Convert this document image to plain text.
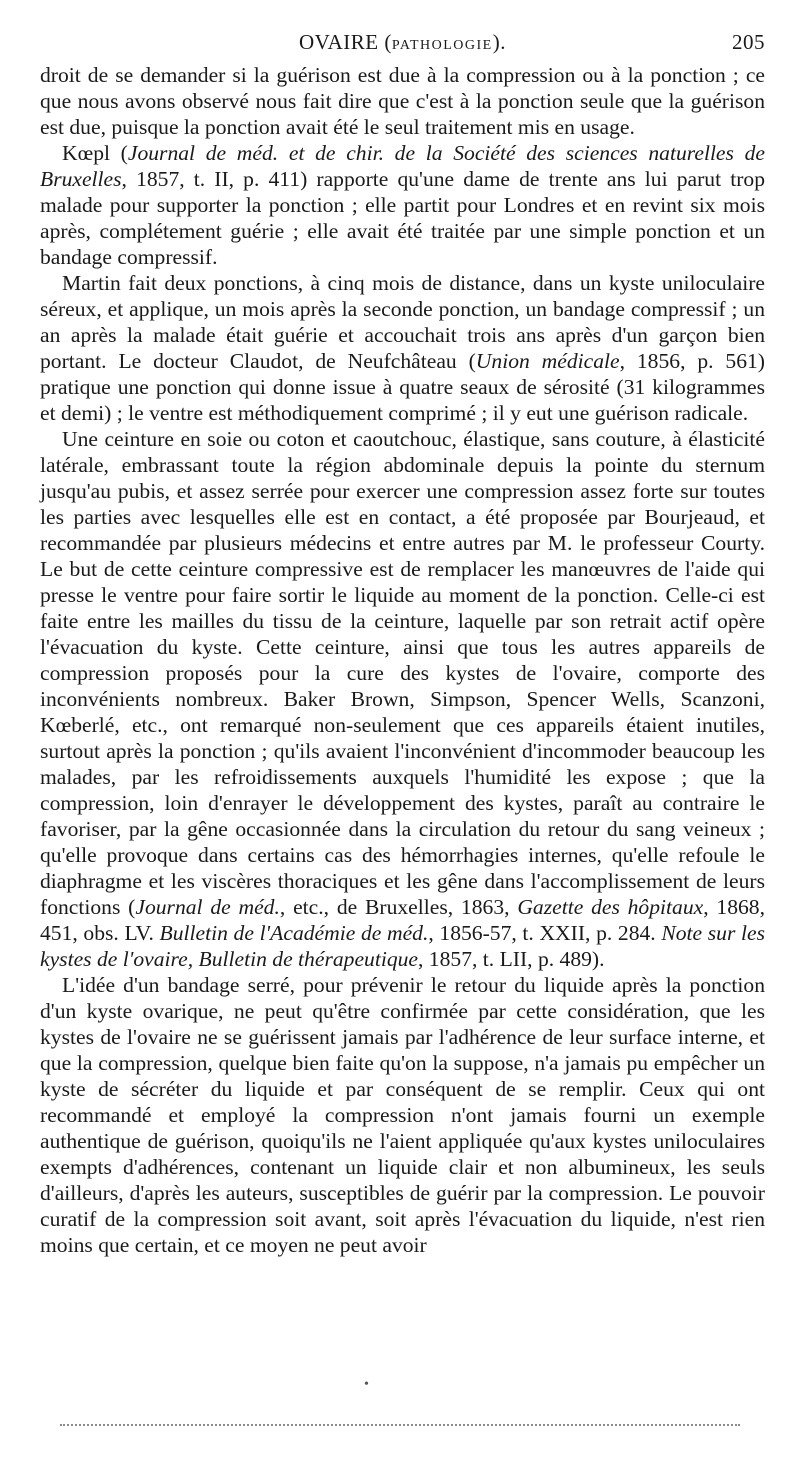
OVAIRE (PATHOLOGIE).	205

droit de se demander si la guérison est due à la compression ou à la ponction ; ce que nous avons observé nous fait dire que c'est à la ponction seule que la guérison est due, puisque la ponction avait été le seul traitement mis en usage.

Kœpl (Journal de méd. et de chir. de la Société des sciences naturelles de Bruxelles, 1857, t. II, p. 411) rapporte qu'une dame de trente ans lui parut trop malade pour supporter la ponction ; elle partit pour Londres et en revint six mois après, complétement guérie ; elle avait été traitée par une simple ponction et un bandage compressif.

Martin fait deux ponctions, à cinq mois de distance, dans un kyste uniloculaire séreux, et applique, un mois après la seconde ponction, un bandage compressif ; un an après la malade était guérie et accouchait trois ans après d'un garçon bien portant. Le docteur Claudot, de Neufchâteau (Union médicale, 1856, p. 561) pratique une ponction qui donne issue à quatre seaux de sérosité (31 kilogrammes et demi) ; le ventre est méthodiquement comprimé ; il y eut une guérison radicale.

Une ceinture en soie ou coton et caoutchouc, élastique, sans couture, à élasticité latérale, embrassant toute la région abdominale depuis la pointe du sternum jusqu'au pubis, et assez serrée pour exercer une compression assez forte sur toutes les parties avec lesquelles elle est en contact, a été proposée par Bourjeaud, et recommandée par plusieurs médecins et entre autres par M. le professeur Courty. Le but de cette ceinture compressive est de remplacer les manœuvres de l'aide qui presse le ventre pour faire sortir le liquide au moment de la ponction. Celle-ci est faite entre les mailles du tissu de la ceinture, laquelle par son retrait actif opère l'évacuation du kyste. Cette ceinture, ainsi que tous les autres appareils de compression proposés pour la cure des kystes de l'ovaire, comporte des inconvénients nombreux. Baker Brown, Simpson, Spencer Wells, Scanzoni, Kœberlé, etc., ont remarqué non-seulement que ces appareils étaient inutiles, surtout après la ponction ; qu'ils avaient l'inconvénient d'incommoder beaucoup les malades, par les refroidissements auxquels l'humidité les expose ; que la compression, loin d'enrayer le développement des kystes, paraît au contraire le favoriser, par la gêne occasionnée dans la circulation du retour du sang veineux ; qu'elle provoque dans certains cas des hémorrhagies internes, qu'elle refoule le diaphragme et les viscères thoraciques et les gêne dans l'accomplissement de leurs fonctions (Journal de méd., etc., de Bruxelles, 1863, Gazette des hôpitaux, 1868, 451, obs. LV. Bulletin de l'Académie de méd., 1856-57, t. XXII, p. 284. Note sur les kystes de l'ovaire, Bulletin de thérapeutique, 1857, t. LII, p. 489).

L'idée d'un bandage serré, pour prévenir le retour du liquide après la ponction d'un kyste ovarique, ne peut qu'être confirmée par cette considération, que les kystes de l'ovaire ne se guérissent jamais par l'adhérence de leur surface interne, et que la compression, quelque bien faite qu'on la suppose, n'a jamais pu empêcher un kyste de sécréter du liquide et par conséquent de se remplir. Ceux qui ont recommandé et employé la compression n'ont jamais fourni un exemple authentique de guérison, quoiqu'ils ne l'aient appliquée qu'aux kystes uniloculaires exempts d'adhérences, contenant un liquide clair et non albumineux, les seuls d'ailleurs, d'après les auteurs, susceptibles de guérir par la compression. Le pouvoir curatif de la compression soit avant, soit après l'évacuation du liquide, n'est rien moins que certain, et ce moyen ne peut avoir

•
